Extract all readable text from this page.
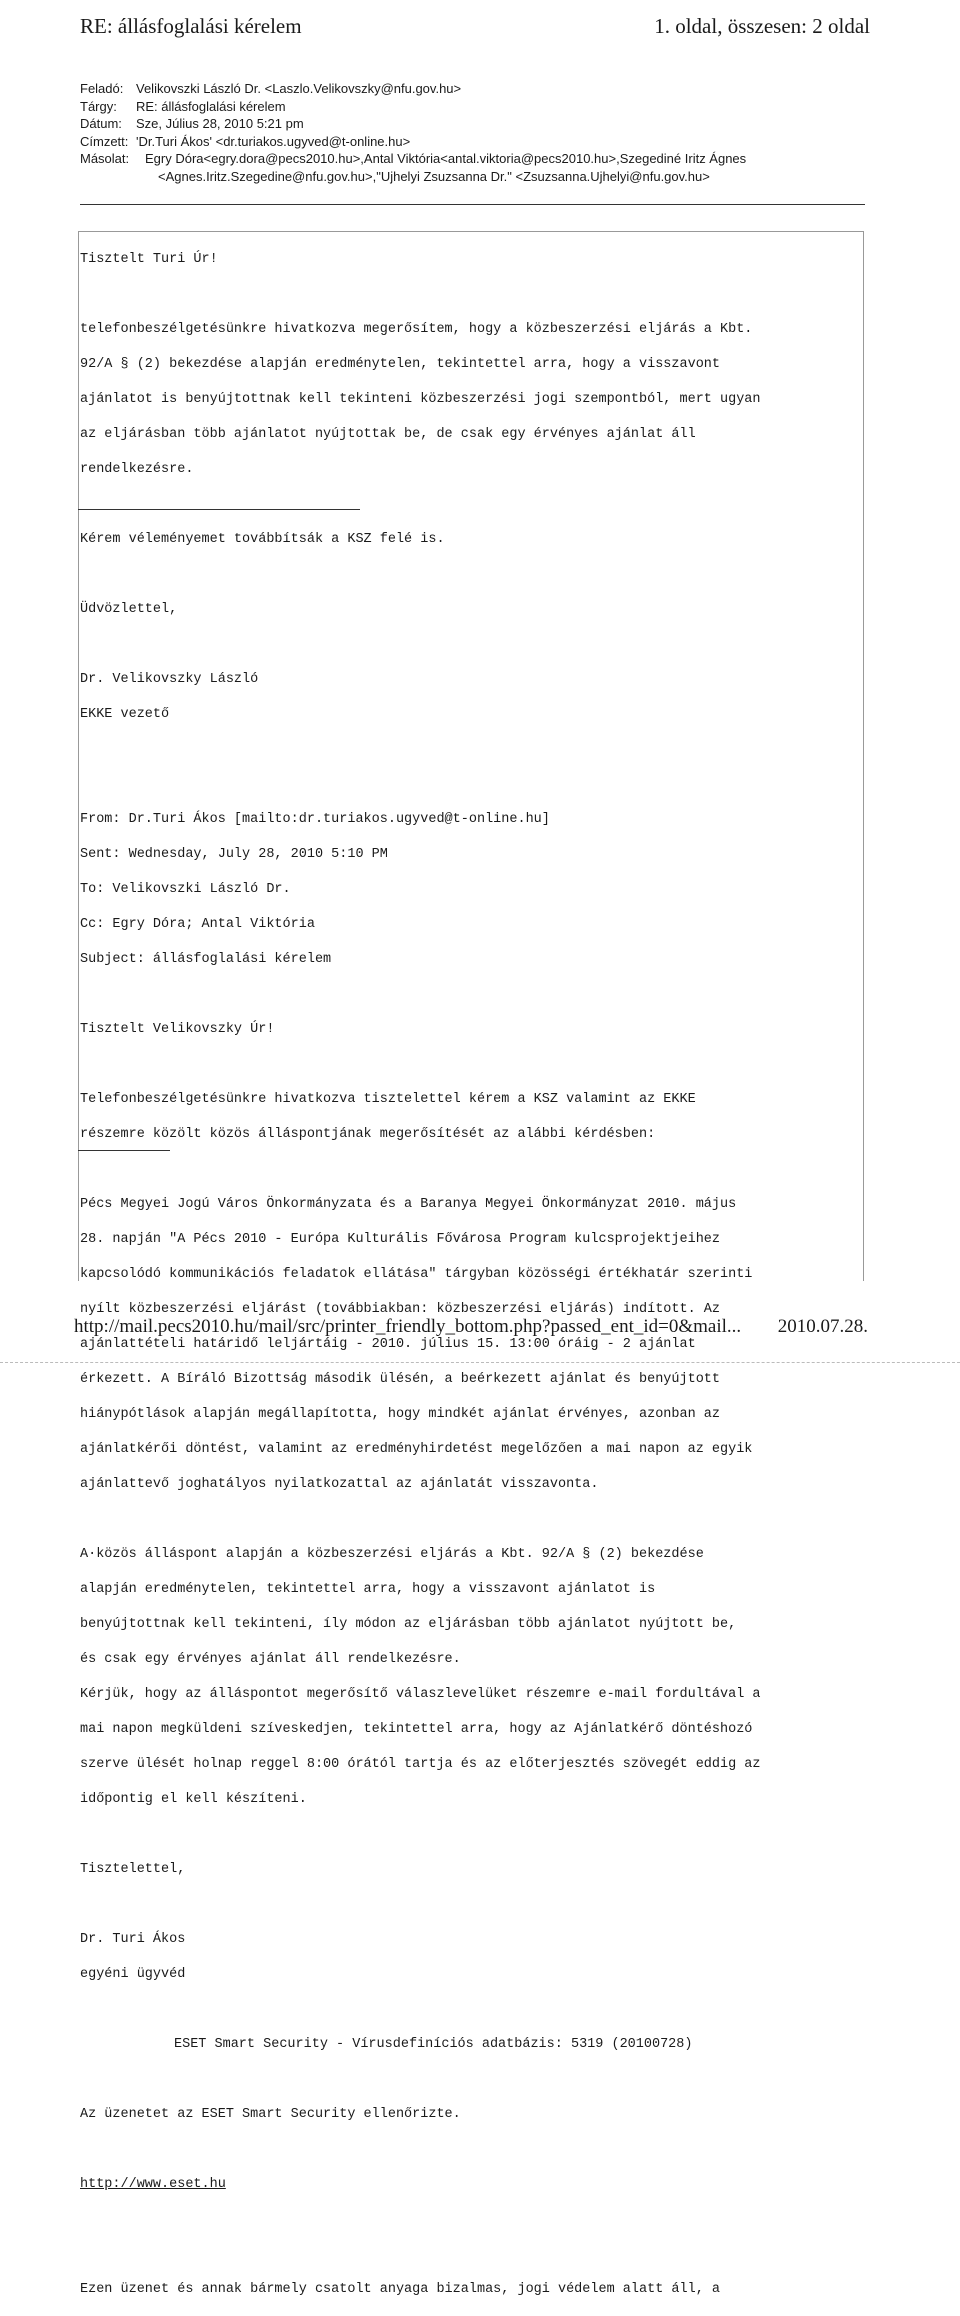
RE: állásfoglalási kérelem	1. oldal, összesen: 2 oldal
Feladó: Velikovszki László Dr. <Laszlo.Velikovszky@nfu.gov.hu>
Tárgy: RE: állásfoglalási kérelem
Dátum: Sze, Július 28, 2010 5:21 pm
Címzett: 'Dr.Turi Ákos' <dr.turiakos.ugyved@t-online.hu>
Másolat: Egry Dóra<egry.dora@pecs2010.hu>,Antal Viktória<antal.viktoria@pecs2010.hu>,Szegediné Iritz Ágnes
<Agnes.Iritz.Szegedine@nfu.gov.hu>,"Ujhelyi Zsuzsanna Dr." <Zsuzsanna.Ujhelyi@nfu.gov.hu>

Tisztelt Turi Úr!

telefonbeszélgetésünkre hivatkozva megerősítem, hogy a közbeszerzési eljárás a Kbt.

92/A § (2) bekezdése alapján eredménytelen, tekintettel arra, hogy a visszavont

ajánlatot is benyújtottnak kell tekinteni közbeszerzési jogi szempontból, mert ugyan

az eljárásban több ajánlatot nyújtottak be, de csak egy érvényes ajánlat áll

rendelkezésre.

Kérem véleményemet továbbítsák a KSZ felé is.

Üdvözlettel,

Dr. Velikovszky László

EKKE vezető

From: Dr.Turi Ákos [mailto:dr.turiakos.ugyved@t-online.hu]

Sent: Wednesday, July 28, 2010 5:10 PM

To: Velikovszki László Dr.

Cc: Egry Dóra; Antal Viktória

Subject: állásfoglalási kérelem

Tisztelt Velikovszky Úr!

Telefonbeszélgetésünkre hivatkozva tisztelettel kérem a KSZ valamint az EKKE

részemre közölt közös álláspontjának megerősítését az alábbi kérdésben:

Pécs Megyei Jogú Város Önkormányzata és a Baranya Megyei Önkormányzat 2010. május

28. napján "A Pécs 2010 - Európa Kulturális Fővárosa Program kulcsprojektjeihez

kapcsolódó kommunikációs feladatok ellátása" tárgyban közösségi értékhatár szerinti

nyílt közbeszerzési eljárást (továbbiakban: közbeszerzési eljárás) indított. Az

ajánlattételi határidő leljártáig - 2010. július 15. 13:00 óráig - 2 ajánlat

érkezett. A Bíráló Bizottság második ülésén, a beérkezett ajánlat és benyújtott

hiánypótlások alapján megállapította, hogy mindkét ajánlat érvényes, azonban az

ajánlatkérői döntést, valamint az eredményhirdetést megelőzően a mai napon az egyik

ajánlattevő joghatályos nyilatkozattal az ajánlatát visszavonta.

A·közös álláspont alapján a közbeszerzési eljárás a Kbt. 92/A § (2) bekezdése

alapján eredménytelen, tekintettel arra, hogy a visszavont ajánlatot is

benyújtottnak kell tekinteni, íly módon az eljárásban több ajánlatot nyújtott be,

és csak egy érvényes ajánlat áll rendelkezésre.

Kérjük, hogy az álláspontot megerősítő válaszlevelüket részemre e-mail fordultával a

mai napon megküldeni szíveskedjen, tekintettel arra, hogy az Ajánlatkérő döntéshozó

szerve ülését holnap reggel 8:00 órától tartja és az előterjesztés szövegét eddig az

időpontig el kell készíteni.

Tisztelettel,

Dr. Turi Ákos

egyéni ügyvéd

ESET Smart Security - Vírusdefiníciós adatbázis: 5319 (20100728)

Az üzenetet az ESET Smart Security ellenőrizte.

http://www.eset.hu

Ezen üzenet és annak bármely csatolt anyaga bizalmas, jogi védelem alatt áll, a

http://mail.pecs2010.hu/mail/src/printer_friendly_bottom.php?passed_ent_id=0&mail... 2010.07.28.
